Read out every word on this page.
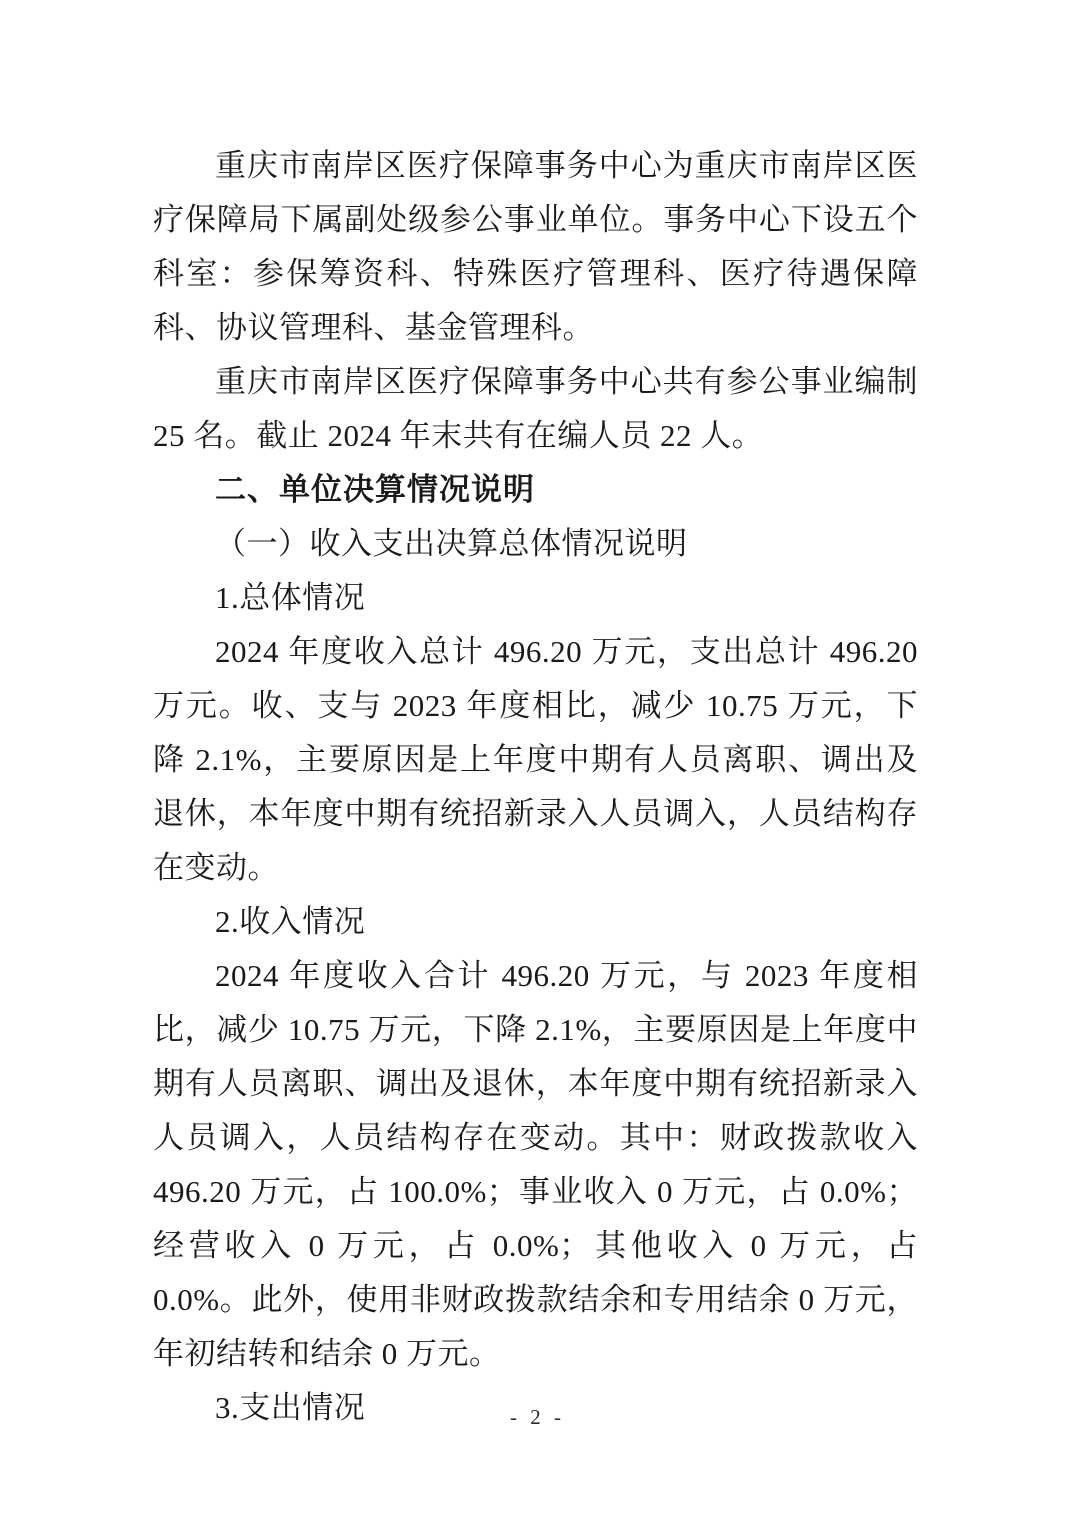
重庆市南岸区医疗保障事务中心为重庆市南岸区医疗保障局下属副处级参公事业单位。事务中心下设五个科室：参保筹资科、特殊医疗管理科、医疗待遇保障科、协议管理科、基金管理科。

重庆市南岸区医疗保障事务中心共有参公事业编制 25 名。截止 2024 年末共有在编人员 22 人。

二、单位决算情况说明

（一）收入支出决算总体情况说明

1.总体情况

2024 年度收入总计 496.20 万元，支出总计 496.20 万元。收、支与 2023 年度相比，减少 10.75 万元，下降 2.1%，主要原因是上年度中期有人员离职、调出及退休，本年度中期有统招新录入人员调入，人员结构存在变动。

2.收入情况

2024 年度收入合计 496.20 万元，与 2023 年度相比，减少 10.75 万元，下降 2.1%，主要原因是上年度中期有人员离职、调出及退休，本年度中期有统招新录入人员调入，人员结构存在变动。其中：财政拨款收入 496.20 万元，占 100.0%；事业收入 0 万元，占 0.0%；经营收入 0 万元，占 0.0%；其他收入 0 万元，占 0.0%。此外，使用非财政拨款结余和专用结余 0 万元，年初结转和结余 0 万元。

3.支出情况	- 2 -
